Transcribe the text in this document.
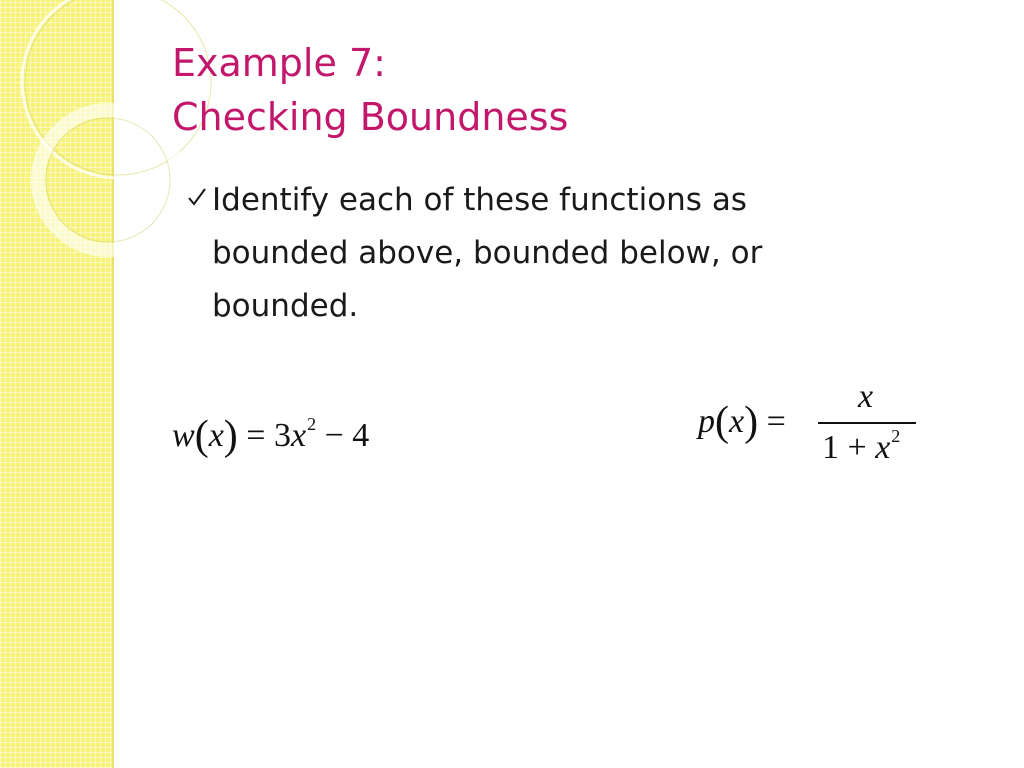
Example 7:
Checking Boundness
Identify each of these functions as bounded above, bounded below, or bounded.
$w(x) = 3x^2 - 4$	p(x) =
x
$1 + x^2$
